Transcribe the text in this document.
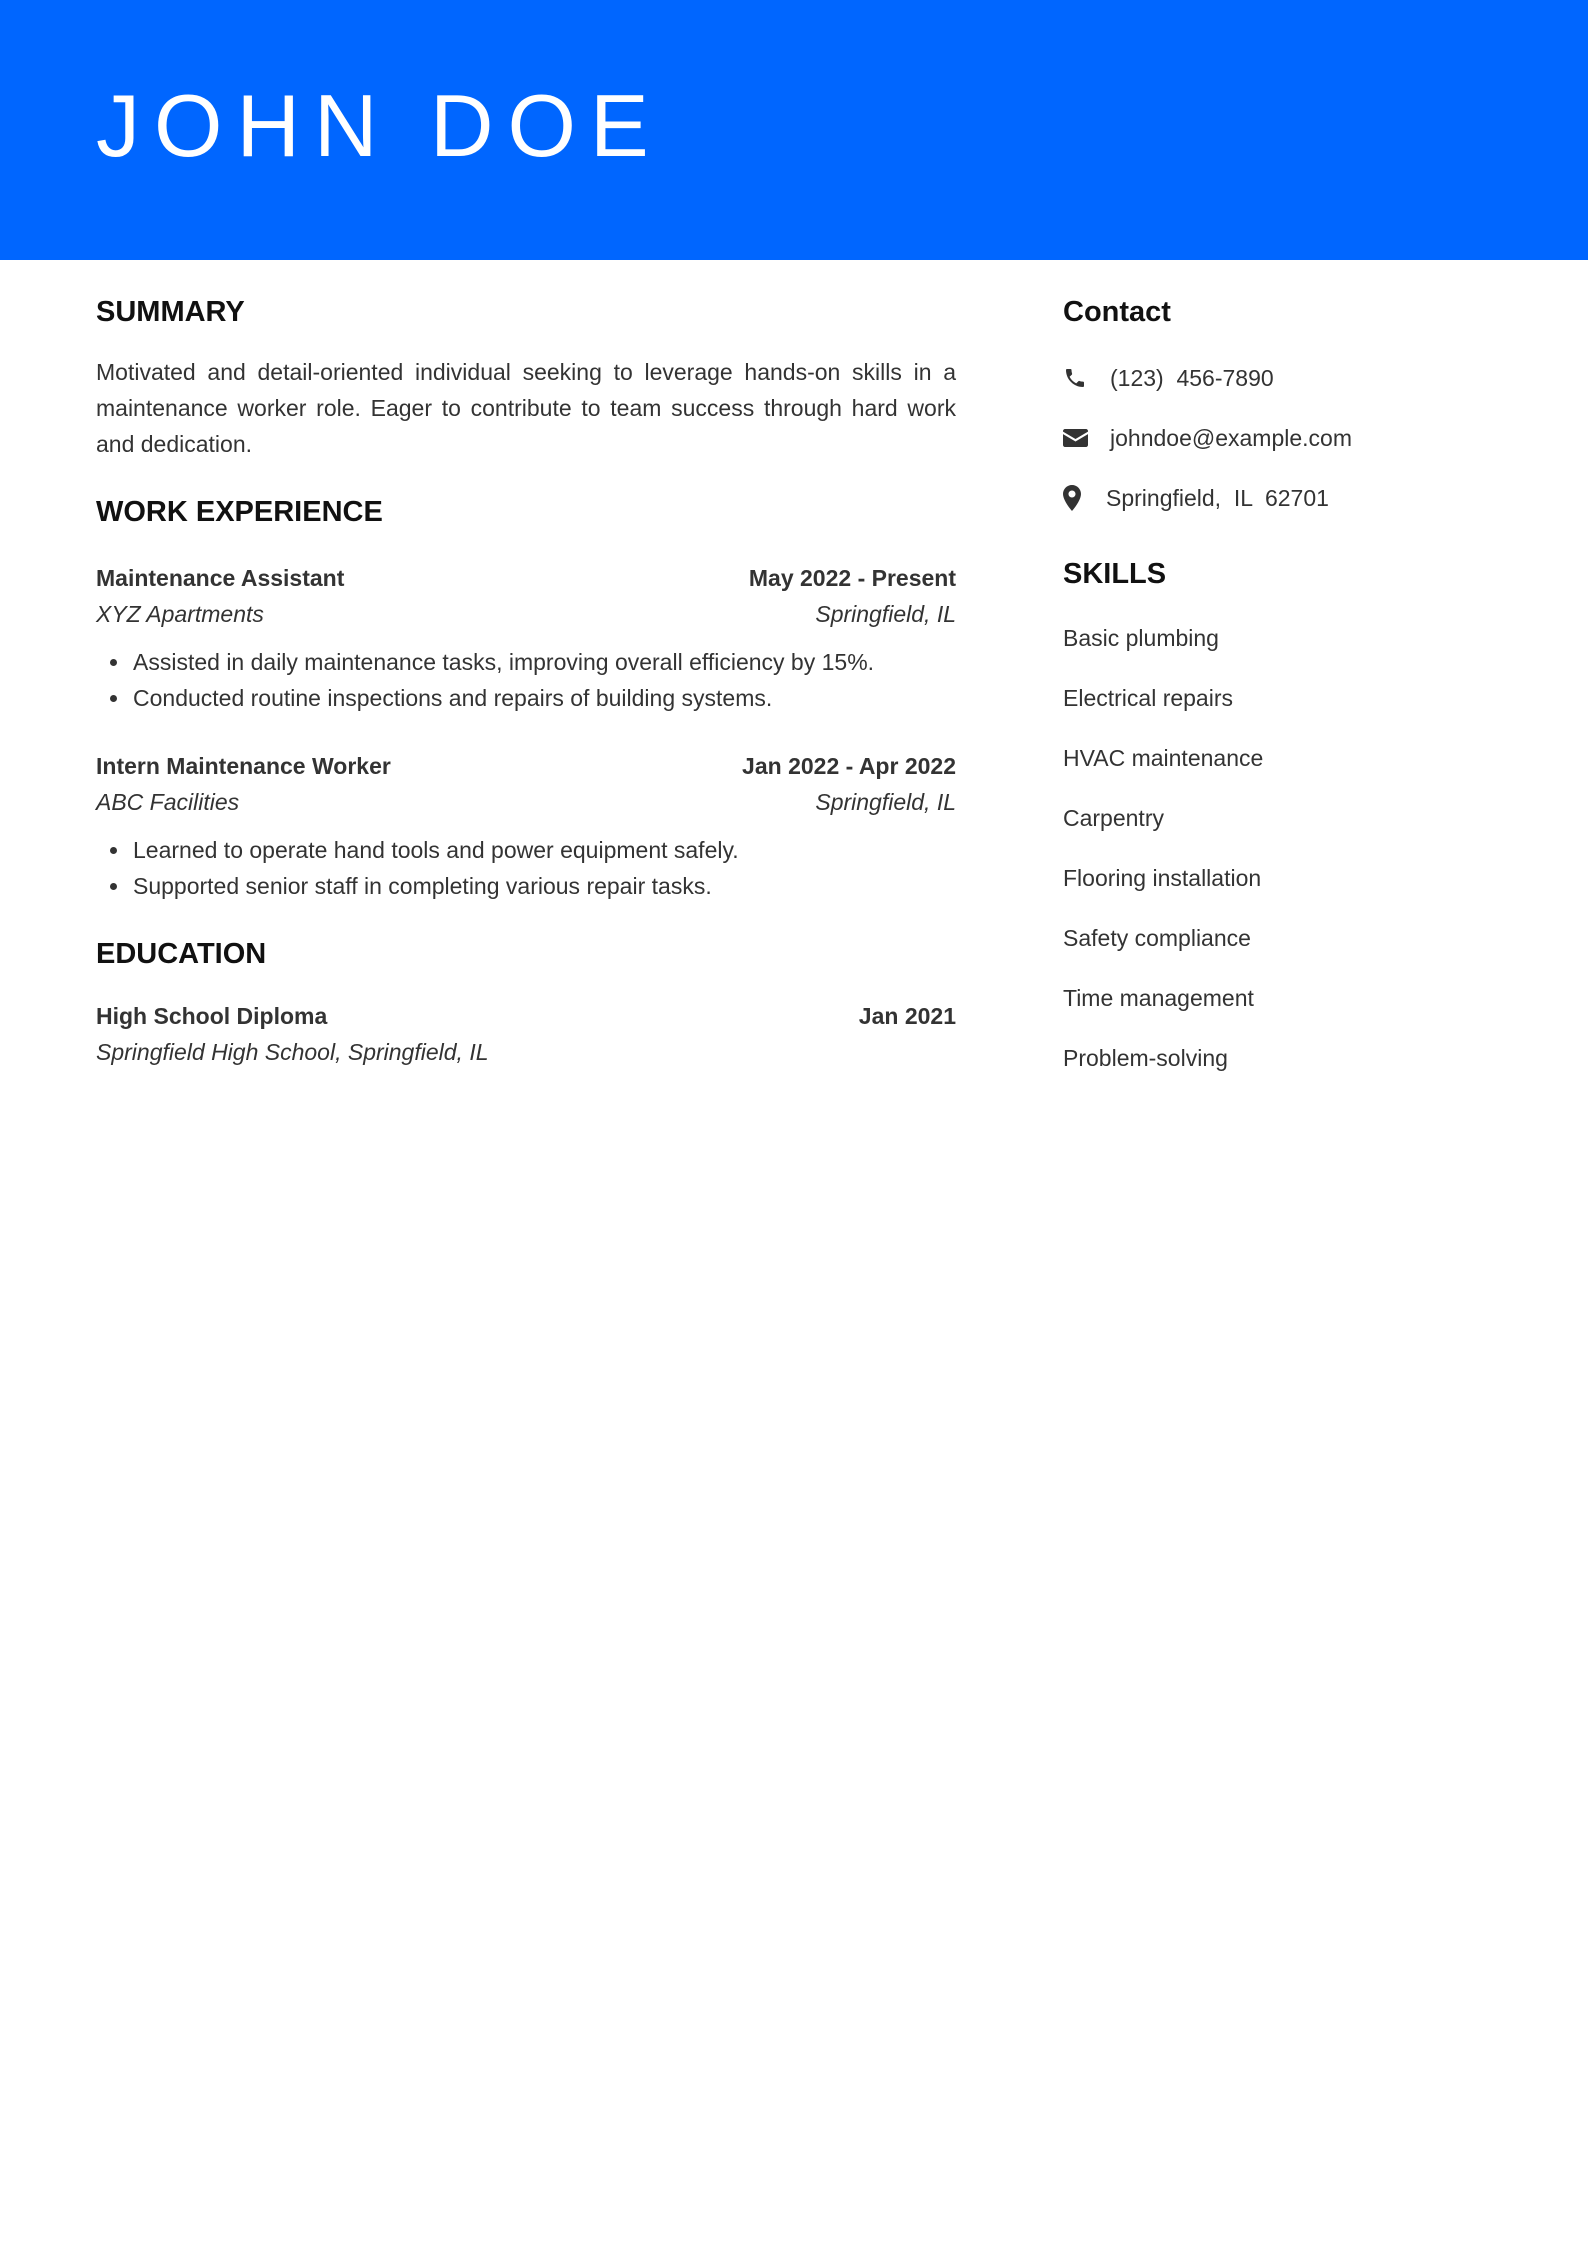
JOHN DOE
SUMMARY

Motivated and detail-oriented individual seeking to leverage hands-on skills in a maintenance worker role. Eager to contribute to team success through hard work and dedication.

WORK EXPERIENCE
Maintenance Assistant	May 2022 - Present
XYZ Apartments	Springfield, IL
• Assisted in daily maintenance tasks, improving overall efficiency by 15%.
• Conducted routine inspections and repairs of building systems.
Intern Maintenance Worker	Jan 2022 - Apr 2022
ABC Facilities	Springfield, IL
• Learned to operate hand tools and power equipment safely.
• Supported senior staff in completing various repair tasks.
EDUCATION
High School Diploma	Jan 2021
Springfield High School, Springfield, IL
Contact
(123)  456-7890
johndoe@example.com
Springfield,  IL  62701
SKILLS
Basic plumbing
Electrical repairs
HVAC maintenance
Carpentry
Flooring installation
Safety compliance
Time management
Problem-solving
